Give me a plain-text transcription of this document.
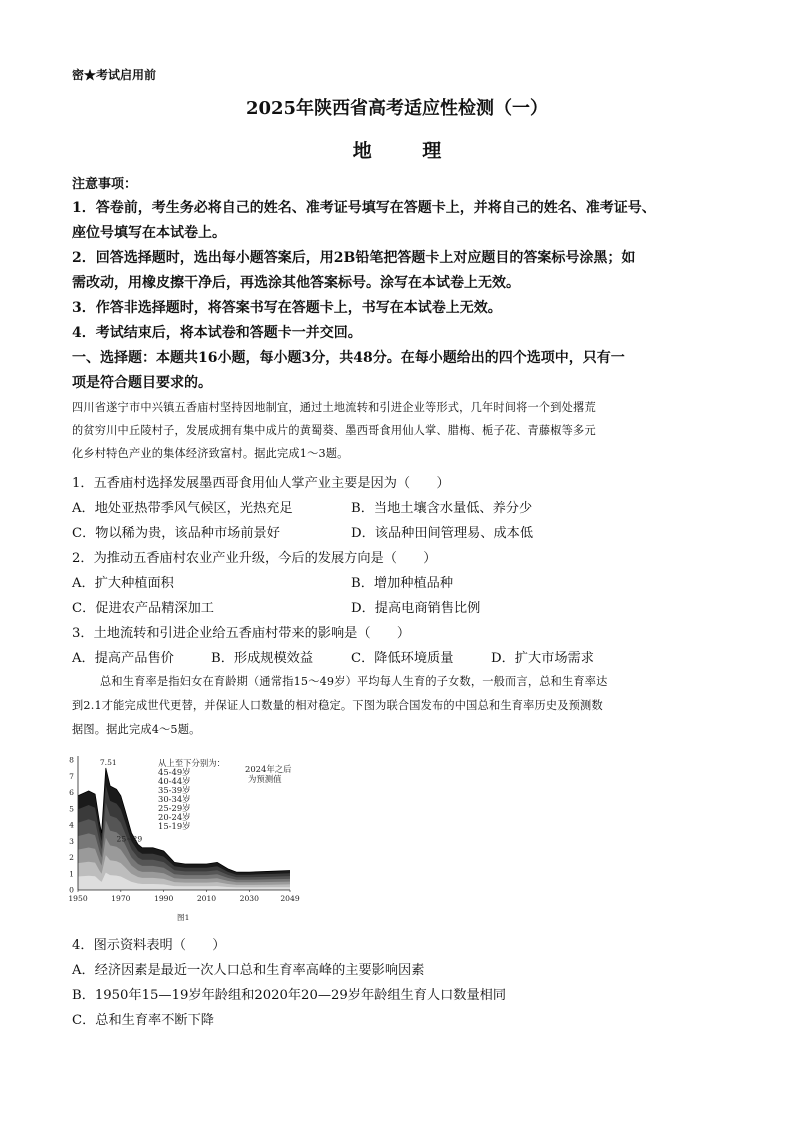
密★考试启用前
2025年陕西省高考适应性检测（一）
地 理
注意事项：
1．答卷前，考生务必将自己的姓名、准考证号填写在答题卡上，并将自己的姓名、准考证号、
座位号填写在本试卷上。
2．回答选择题时，选出每小题答案后，用2B铅笔把答题卡上对应题目的答案标号涂黑；如
需改动，用橡皮擦干净后，再选涂其他答案标号。涂写在本试卷上无效。
3．作答非选择题时，将答案书写在答题卡上，书写在本试卷上无效。
4．考试结束后，将本试卷和答题卡一并交回。
一、选择题：本题共16小题，每小题3分，共48分。在每小题给出的四个选项中，只有一
项是符合题目要求的。
四川省遂宁市中兴镇五香庙村坚持因地制宜，通过土地流转和引进企业等形式，几年时间将一个到处撂荒
的贫穷川中丘陵村子，发展成拥有集中成片的黄蜀葵、墨西哥食用仙人掌、腊梅、栀子花、青藤椒等多元
化乡村特色产业的集体经济致富村。据此完成1～3题。
1．五香庙村选择发展墨西哥食用仙人掌产业主要是因为（　　）
A．地处亚热带季风气候区，光热充足	B．当地土壤含水量低、养分少
C．物以稀为贵，该品种市场前景好	D．该品种田间管理易、成本低
2．为推动五香庙村农业产业升级，今后的发展方向是（　　）
A．扩大种植面积	B．增加种植品种
C．促进农产品精深加工	D．提高电商销售比例
3．土地流转和引进企业给五香庙村带来的影响是（　　）
A．提高产品售价	B．形成规模效益	C．降低环境质量	D．扩大市场需求
总和生育率是指妇女在育龄期（通常指15～49岁）平均每人生育的子女数，一般而言，总和生育率达
到2.1才能完成世代更替，并保证人口数量的相对稳定。下图为联合国发布的中国总和生育率历史及预测数
据图。据此完成4～5题。
0
1
2
3
4
5
6
7
8
1950	1970	1990	2010	2030	2049
7.51
25~29
从上至下分别为：
45-49岁
40-44岁
35-39岁
30-34岁
25-29岁
20-24岁
15-19岁
2024年之后
为预测值
图1
4．图示资料表明（　　）
A．经济因素是最近一次人口总和生育率高峰的主要影响因素
B．1950年15—19岁年龄组和2020年20—29岁年龄组生育人口数量相同
C．总和生育率不断下降
